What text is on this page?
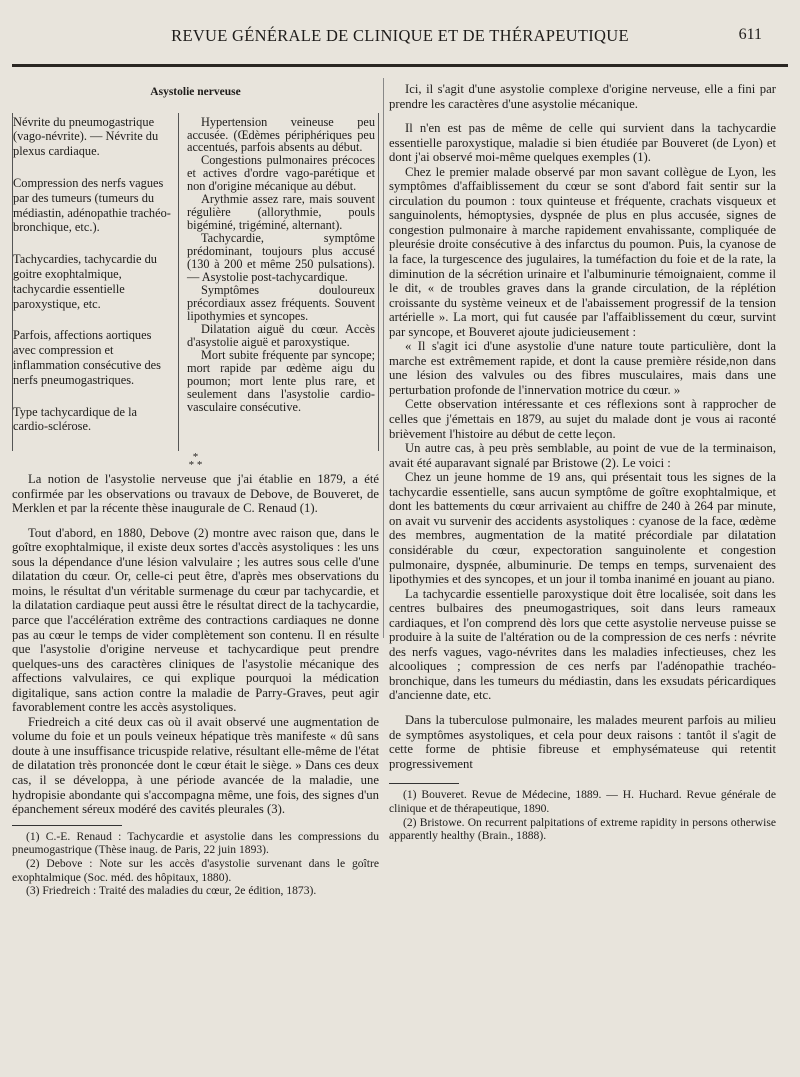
REVUE GÉNÉRALE DE CLINIQUE ET DE THÉRAPEUTIQUE	611
Asystolie nerveuse

Névrite du pneumogastrique (vago-névrite). — Névrite du plexus cardiaque.

Compression des nerfs vagues par des tumeurs (tumeurs du médiastin, adénopathie trachéo-bronchique, etc.).

Tachycardies, tachycardie du goitre exophtalmique, tachycardie essentielle paroxystique, etc.

Parfois, affections aortiques avec compression et inflammation consécutive des nerfs pneumogastriques.

Type tachycardique de la cardio-sclérose.

Hypertension veineuse peu accusée. (Œdèmes périphériques peu accentués, parfois absents au début.

Congestions pulmonaires précoces et actives d'ordre vago-parétique et non d'origine mécanique au début.

Arythmie assez rare, mais souvent régulière (allorythmie, pouls bigéminé, trigéminé, alternant).

Tachycardie, symptôme prédominant, toujours plus accusé (130 à 200 et même 250 pulsations). — Asystolie post-tachycardique.

Symptômes douloureux précordiaux assez fréquents. Souvent lipothymies et syncopes.

Dilatation aiguë du cœur. Accès d'asystolie aiguë et paroxystique.

Mort subite fréquente par syncope; mort rapide par œdème aigu du poumon; mort lente plus rare, et seulement dans l'asystolie cardio-vasculaire consécutive.

*
* *

La notion de l'asystolie nerveuse que j'ai établie en 1879, a été confirmée par les observations ou travaux de Debove, de Bouveret, de Merklen et par la récente thèse inaugurale de C. Renaud (1).

Tout d'abord, en 1880, Debove (2) montre avec raison que, dans le goître exophtalmique, il existe deux sortes d'accès asystoliques : les uns sous la dépendance d'une lésion valvulaire ; les autres sous celle d'une dilatation du cœur. Or, celle-ci peut être, d'après mes observations du moins, le résultat d'un véritable surmenage du cœur par tachycardie, et la dilatation cardiaque peut aussi être le résultat direct de la tachycardie, parce que l'accélération extrême des contractions cardiaques ne donne pas au cœur le temps de vider complètement son contenu. Il en résulte que l'asystolie d'origine nerveuse et tachycardique peut prendre quelques-uns des caractères cliniques de l'asystolie mécanique des affections valvulaires, ce qui explique pourquoi la médication digitalique, sans action contre la maladie de Parry-Graves, peut agir favorablement contre les accès asystoliques.

Friedreich a cité deux cas où il avait observé une augmentation de volume du foie et un pouls veineux hépatique très manifeste « dû sans doute à une insuffisance tricuspide relative, résultant elle-même de l'état de dilatation très prononcée dont le cœur était le siège. » Dans ces deux cas, il se développa, à une période avancée de la maladie, une hydropisie abondante qui s'accompagna même, une fois, des signes d'un épanchement séreux modéré des cavités pleurales (3).

(1) C.-E. Renaud : Tachycardie et asystolie dans les compressions du pneumogastrique (Thèse inaug. de Paris, 22 juin 1893).

(2) Debove : Note sur les accès d'asystolie survenant dans le goître exophtalmique (Soc. méd. des hôpitaux, 1880).

(3) Friedreich : Traité des maladies du cœur, 2e édition, 1873).

Ici, il s'agit d'une asystolie complexe d'origine nerveuse, elle a fini par prendre les caractères d'une asystolie mécanique.

Il n'en est pas de même de celle qui survient dans la tachycardie essentielle paroxystique, maladie si bien étudiée par Bouveret (de Lyon) et dont j'ai observé moi-même quelques exemples (1).

Chez le premier malade observé par mon savant collègue de Lyon, les symptômes d'affaiblissement du cœur se sont d'abord fait sentir sur la circulation du poumon : toux quinteuse et fréquente, crachats visqueux et sanguinolents, hémoptysies, dyspnée de plus en plus accusée, signes de congestion pulmonaire à marche rapidement envahissante, compliquée de pleurésie droite consécutive à des infarctus du poumon. Puis, la cyanose de la face, la turgescence des jugulaires, la tuméfaction du foie et de la rate, la diminution de la sécrétion urinaire et l'albuminurie témoignaient, comme il le dit, « de troubles graves dans la grande circulation, de la réplétion croissante du système veineux et de l'abaissement progressif de la tension artérielle ». La mort, qui fut causée par l'affaiblissement du cœur, survint par syncope, et Bouveret ajoute judicieusement :

« Il s'agit ici d'une asystolie d'une nature toute particulière, dont la marche est extrêmement rapide, et dont la cause première réside,non dans une lésion des valvules ou des fibres musculaires, mais dans une perturbation profonde de l'innervation motrice du cœur. »

Cette observation intéressante et ces réflexions sont à rapprocher de celles que j'émettais en 1879, au sujet du malade dont je vous ai raconté brièvement l'histoire au début de cette leçon.

Un autre cas, à peu près semblable, au point de vue de la terminaison, avait été auparavant signalé par Bristowe (2). Le voici :

Chez un jeune homme de 19 ans, qui présentait tous les signes de la tachycardie essentielle, sans aucun symptôme de goître exophtalmique, et dont les battements du cœur arrivaient au chiffre de 240 à 264 par minute, on avait vu survenir des accidents asystoliques : cyanose de la face, œdème des membres, augmentation de la matité précordiale par dilatation considérable du cœur, expectoration sanguinolente et congestion pulmonaire, dyspnée, albuminurie. De temps en temps, survenaient des lipothymies et des syncopes, et un jour il tomba inanimé en jouant au piano.

La tachycardie essentielle paroxystique doit être localisée, soit dans les centres bulbaires des pneumogastriques, soit dans leurs rameaux cardiaques, et l'on comprend dès lors que cette asystolie nerveuse puisse se produire à la suite de l'altération ou de la compression de ces nerfs : névrite des nerfs vagues, vago-névrites dans les maladies infectieuses, chez les alcooliques ; compression de ces nerfs par l'adénopathie trachéo-bronchique, dans les tumeurs du médiastin, dans les exsudats péricardiques d'ancienne date, etc.

Dans la tuberculose pulmonaire, les malades meurent parfois au milieu de symptômes asystoliques, et cela pour deux raisons : tantôt il s'agit de cette forme de phtisie fibreuse et emphysémateuse qui retentit progressivement

(1) Bouveret. Revue de Médecine, 1889. — H. Huchard. Revue générale de clinique et de thérapeutique, 1890.

(2) Bristowe. On recurrent palpitations of extreme rapidity in persons otherwise apparently healthy (Brain., 1888).
